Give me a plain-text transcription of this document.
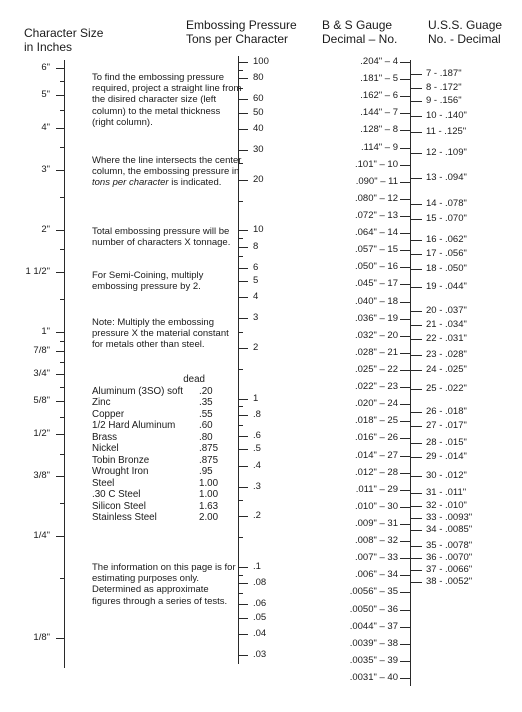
Character Size
in Inches
Embossing Pressure
Tons per Character
B & S Gauge
Decimal – No.
U.S.S. Guage
No. - Decimal
6"
5"
4"
3"
2"
1 1/2"
1"
7/8"
3/4"
5/8"
1/2"
3/8"
1/4"
1/8"
100
80
60
50
40
30
20
10
8
6
5
4
3
2
1
.8
.6
.5
.4
.3
.2
.1
.08
.06
.05
.04
.03
.204" – 4
.181" – 5
.162" – 6
.144" – 7
.128" – 8
.114" – 9
.101" – 10
.090" – 11
.080" – 12
.072" – 13
.064" – 14
.057" – 15
.050" – 16
.045" – 17
.040" – 18
.036" – 19
.032" – 20
.028" – 21
.025" – 22
.022" – 23
.020" – 24
.018" – 25
.016" – 26
.014" – 27
.012" – 28
.011" – 29
.010" – 30
.009" – 31
.008" – 32
.007" – 33
.006" – 34
.0056" – 35
.0050" – 36
.0044" – 37
.0039" – 38
.0035" – 39
.0031" – 40
7 - .187"
8 - .172"
9 - .156"
10 - .140"
11 - .125"
12 - .109"
13 - .094"
14 - .078"
15 - .070"
16 - .062"
17 - .056"
18 - .050"
19 - .044"
20 - .037"
21 - .034"
22 - .031"
23 - .028"
24 - .025"
25 - .022"
26 - .018"
27 - .017"
28 - .015"
29 - .014"
30 - .012"
31 - .011"
32 - .010"
33 - .0093"
34 - .0085"
35 - .0078"
36 - .0070"
37 - .0066"
38 - .0052"
To find the embossing pressure required, project a straight line from the disired character size (left column) to the metal thickness (right column).
Where the line intersects the center column, the embossing pressure in tons per character is indicated.
Total embossing pressure will be number of characters X tonnage.
For Semi-Coining, multiply embossing pressure by 2.
Note: Multiply the embossing pressure X the material constant for metals other than steel.
dead
Aluminum (3SO) soft .20
Zinc	.35
Copper	.55
1/2 Hard Aluminum .60
Brass	.80
Nickel	.875
Tobin Bronze	.875
Wrought Iron	.95
Steel	1.00
.30 C Steel	1.00
Silicon Steel	1.63
Stainless Steel	2.00
The information on this page is for estimating purposes only. Determined as approximate figures through a series of tests.
